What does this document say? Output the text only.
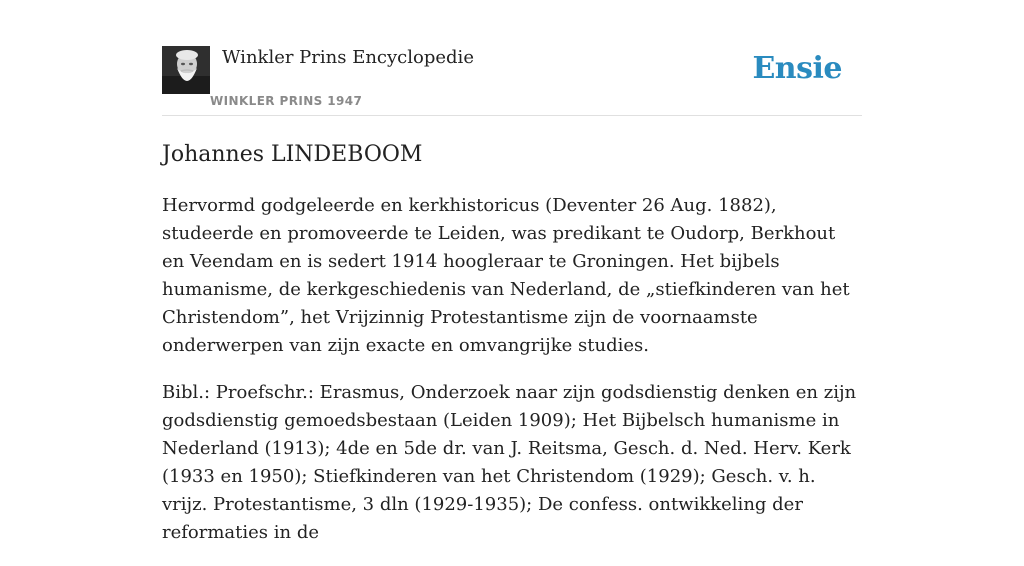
Winkler Prins Encyclopedie
WINKLER PRINS 1947
Ensie
Johannes LINDEBOOM

Hervormd godgeleerde en kerkhistoricus (Deventer 26 Aug. 1882), studeerde en promoveerde te Leiden, was predikant te Oudorp, Berkhout en Veendam en is sedert 1914 hoogleraar te Groningen. Het bijbels humanisme, de kerkgeschiedenis van Nederland, de „stiefkinderen van het Christendom”, het Vrijzinnig Protestantisme zijn de voornaamste onderwerpen van zijn exacte en omvangrijke studies.

Bibl.: Proefschr.: Erasmus, Onderzoek naar zijn godsdienstig denken en zijn godsdienstig gemoedsbestaan (Leiden 1909); Het Bijbelsch humanisme in Nederland (1913); 4de en 5de dr. van J. Reitsma, Gesch. d. Ned. Herv. Kerk (1933 en 1950); Stiefkinderen van het Christendom (1929); Gesch. v. h. vrijz. Protestantisme, 3 dln (1929-1935); De confess. ontwikkeling der reformaties in de
